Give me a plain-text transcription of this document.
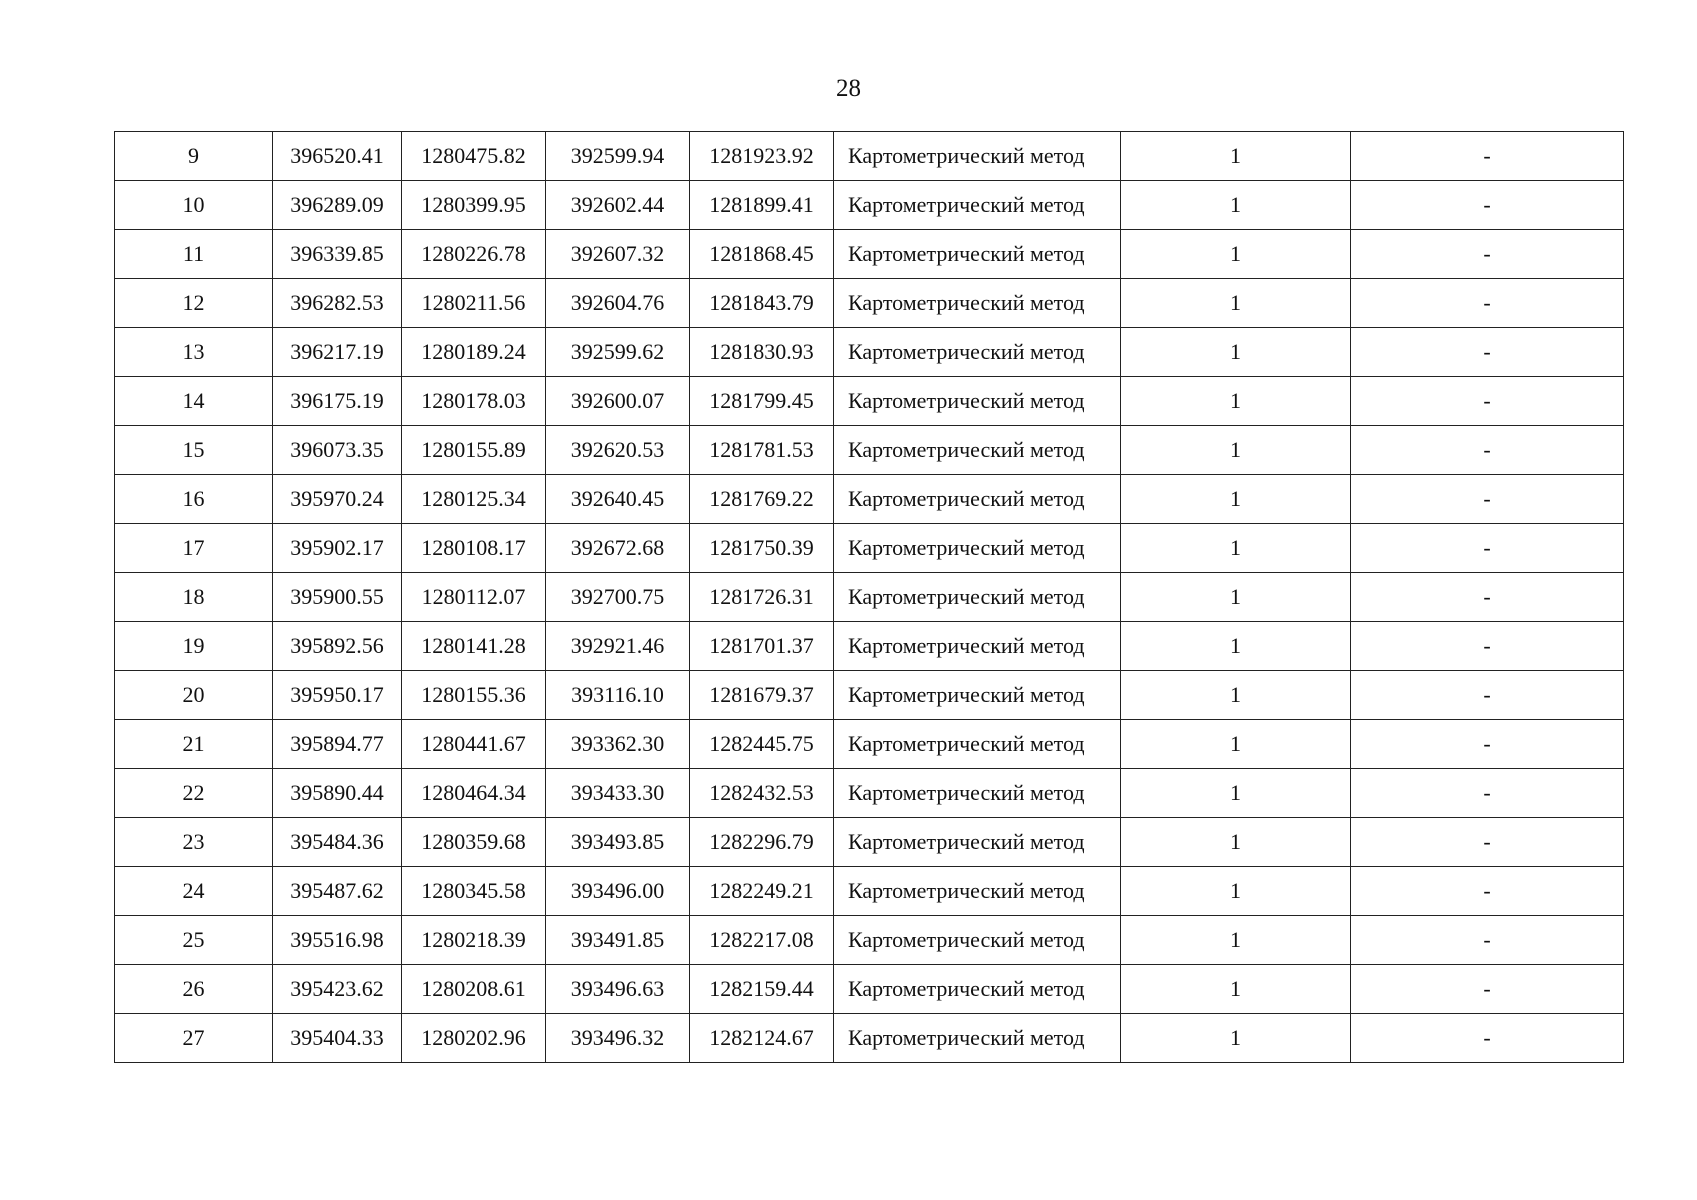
28
9	396520.41	1280475.82	392599.94	1281923.92	Картометрический метод	1	-
10	396289.09	1280399.95	392602.44	1281899.41	Картометрический метод	1	-
11	396339.85	1280226.78	392607.32	1281868.45	Картометрический метод	1	-
12	396282.53	1280211.56	392604.76	1281843.79	Картометрический метод	1	-
13	396217.19	1280189.24	392599.62	1281830.93	Картометрический метод	1	-
14	396175.19	1280178.03	392600.07	1281799.45	Картометрический метод	1	-
15	396073.35	1280155.89	392620.53	1281781.53	Картометрический метод	1	-
16	395970.24	1280125.34	392640.45	1281769.22	Картометрический метод	1	-
17	395902.17	1280108.17	392672.68	1281750.39	Картометрический метод	1	-
18	395900.55	1280112.07	392700.75	1281726.31	Картометрический метод	1	-
19	395892.56	1280141.28	392921.46	1281701.37	Картометрический метод	1	-
20	395950.17	1280155.36	393116.10	1281679.37	Картометрический метод	1	-
21	395894.77	1280441.67	393362.30	1282445.75	Картометрический метод	1	-
22	395890.44	1280464.34	393433.30	1282432.53	Картометрический метод	1	-
23	395484.36	1280359.68	393493.85	1282296.79	Картометрический метод	1	-
24	395487.62	1280345.58	393496.00	1282249.21	Картометрический метод	1	-
25	395516.98	1280218.39	393491.85	1282217.08	Картометрический метод	1	-
26	395423.62	1280208.61	393496.63	1282159.44	Картометрический метод	1	-
27	395404.33	1280202.96	393496.32	1282124.67	Картометрический метод	1	-
